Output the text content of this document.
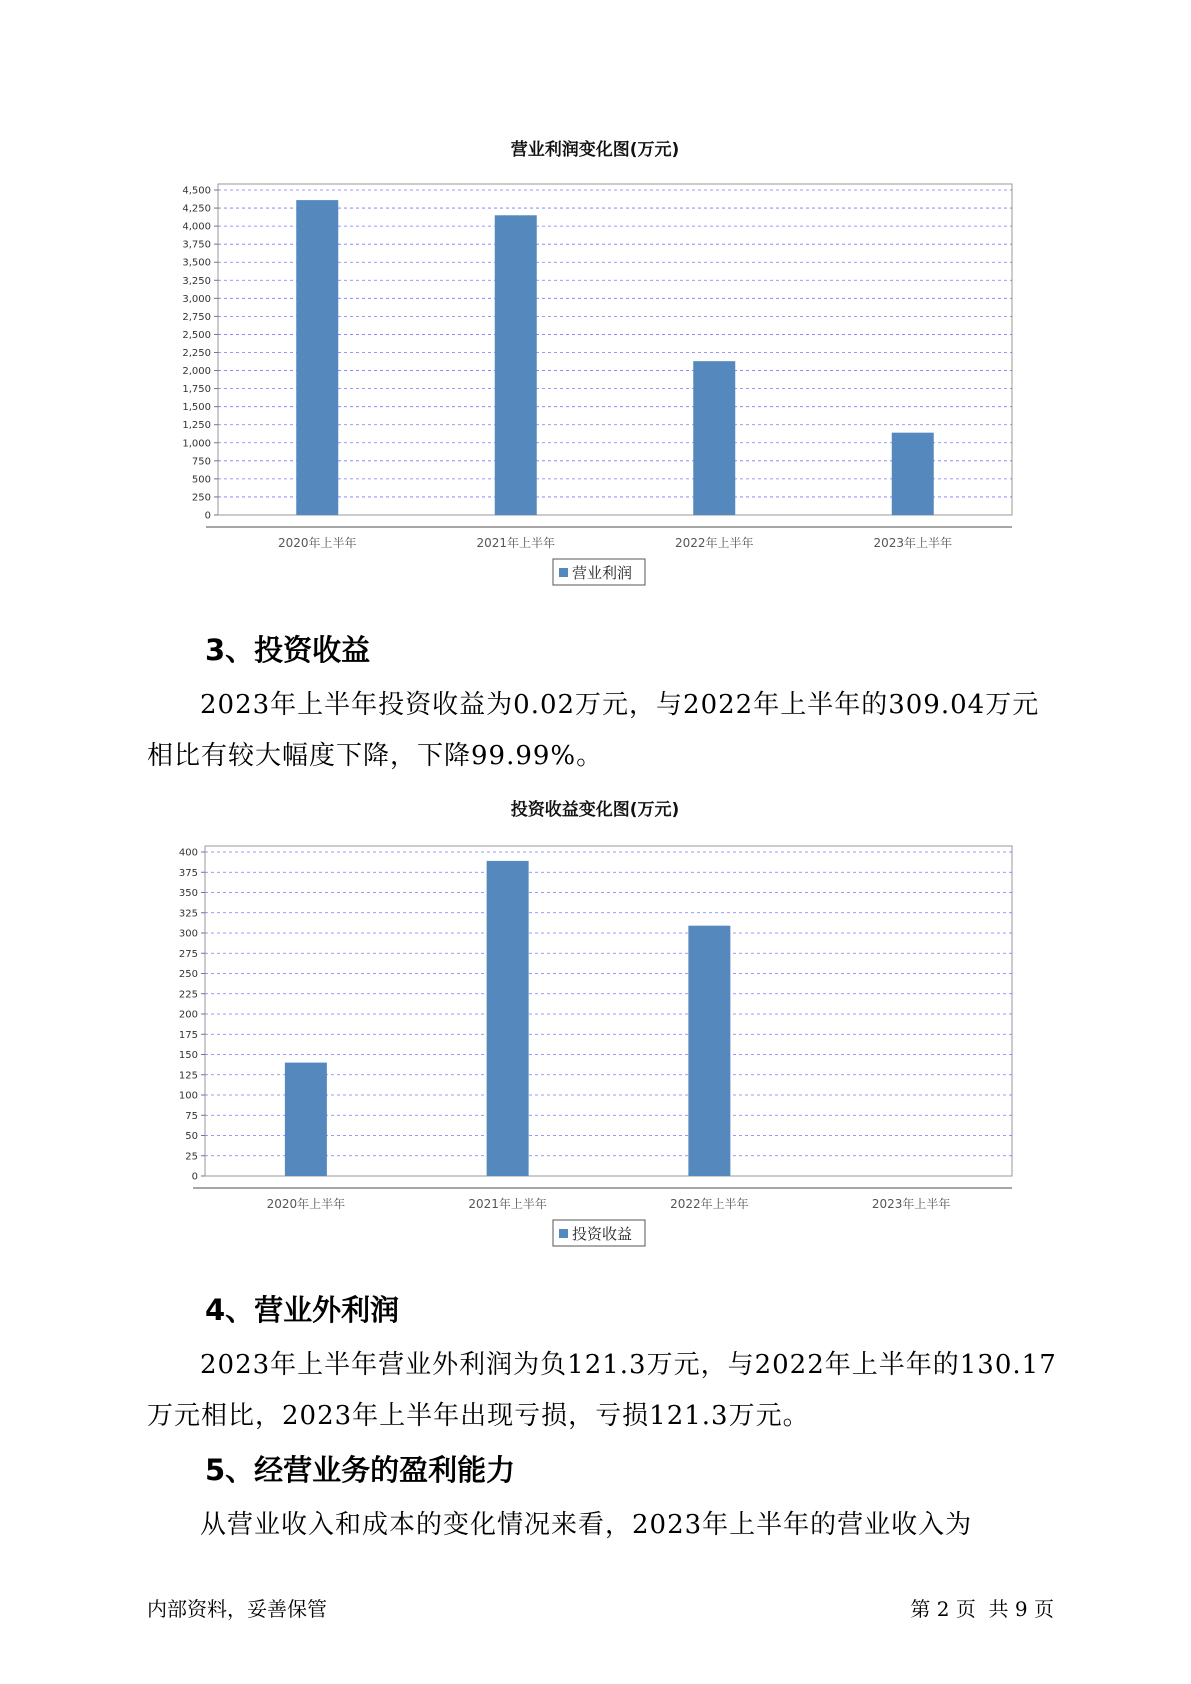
营业利润变化图(万元)
0
250
500
750
1,000
1,250
1,500
1,750
2,000
2,250
2,500
2,750
3,000
3,250
3,500
3,750
4,000
4,250
4,500
2020年上半年	2021年上半年	2022年上半年	2023年上半年
营业利润
3、投资收益

2023年上半年投资收益为0.02万元，与2022年上半年的309.04万元相比有较大幅度下降，下降99.99%。

投资收益变化图(万元)
0
25
50
75
100
125
150
175
200
225
250
275
300
325
350
375
400
2020年上半年	2021年上半年	2022年上半年	2023年上半年
投资收益
4、营业外利润

2023年上半年营业外利润为负121.3万元，与2022年上半年的130.17万元相比，2023年上半年出现亏损，亏损121.3万元。

5、经营业务的盈利能力

从营业收入和成本的变化情况来看，2023年上半年的营业收入为

内部资料，妥善保管	第 2 页  共 9 页
